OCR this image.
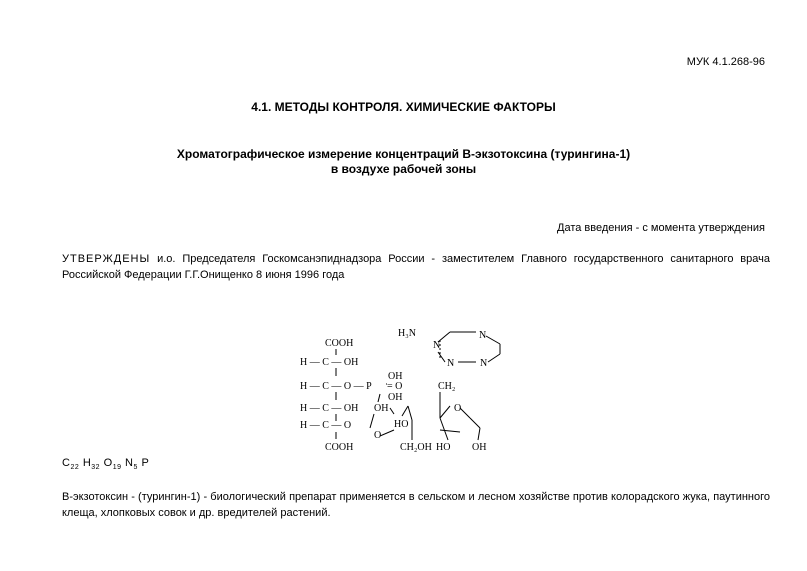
МУК 4.1.268-96
4.1. МЕТОДЫ КОНТРОЛЯ. ХИМИЧЕСКИЕ ФАКТОРЫ
Хроматографическое измерение концентраций В-экзотоксина (турингина-1)
в воздухе рабочей зоны
Дата введения - с момента утверждения
УТВЕРЖДЕНЫ и.о. Председателя Госкомсанэпиднадзора России - заместителем Главного государственного санитарного врача Российской Федерации Г.Г.Онищенко 8 июня 1996 года
H₃N
N
N
N	N
COOH
H — C — OH
H — C — O — P = O
OH
OH
CH₂
H — C — OH OH
H — C — O
O
HO
O
COOH	CH₂OH HO OH
$C_{22}$ $H_{32}$ $O_{19}$ $N_5$ P
В-экзотоксин - (турингин-1) - биологический препарат применяется в сельском и лесном хозяйстве против колорадского жука, паутинного клеща, хлопковых совок и др. вредителей растений.
